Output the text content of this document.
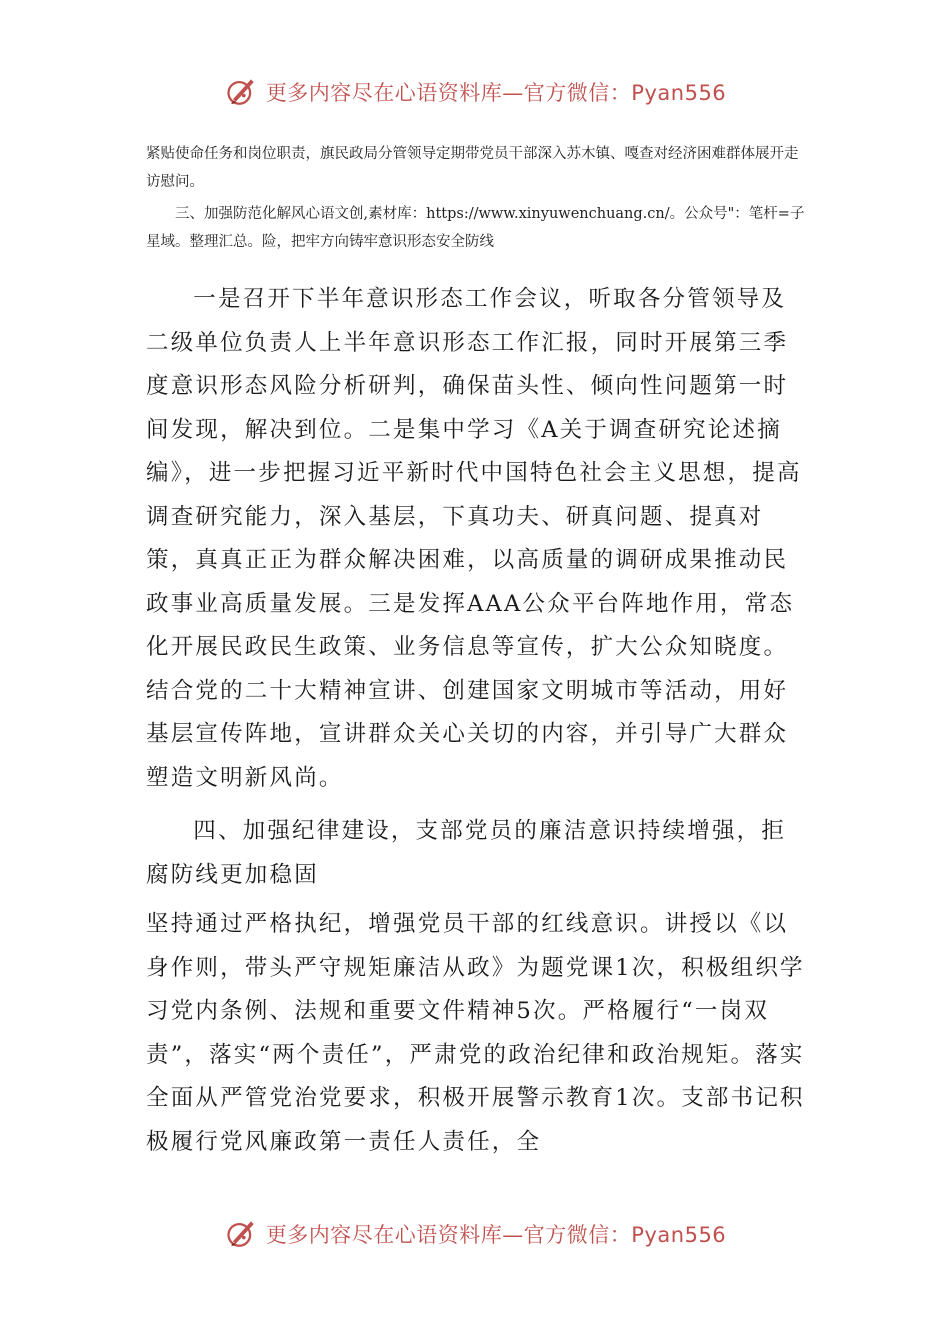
更多内容尽在心语资料库—官方微信：Pyan556

紧贴使命任务和岗位职责，旗民政局分管领导定期带党员干部深入苏木镇、嘎查对经济困难群体展开走访慰问。

三、加强防范化解风心语文创,素材库：https://www.xinyuwenchuang.cn/。公众号"：笔杆=子星域。整理汇总。险，把牢方向铸牢意识形态安全防线

一是召开下半年意识形态工作会议，听取各分管领导及二级单位负责人上半年意识形态工作汇报，同时开展第三季度意识形态风险分析研判，确保苗头性、倾向性问题第一时间发现，解决到位。二是集中学习《A关于调查研究论述摘编》，进一步把握习近平新时代中国特色社会主义思想，提高调查研究能力，深入基层，下真功夫、研真问题、提真对策，真真正正为群众解决困难，以高质量的调研成果推动民政事业高质量发展。三是发挥AAA公众平台阵地作用，常态化开展民政民生政策、业务信息等宣传，扩大公众知晓度。结合党的二十大精神宣讲、创建国家文明城市等活动，用好基层宣传阵地，宣讲群众关心关切的内容，并引导广大群众塑造文明新风尚。

四、加强纪律建设，支部党员的廉洁意识持续增强，拒腐防线更加稳固

坚持通过严格执纪，增强党员干部的红线意识。讲授以《以身作则，带头严守规矩廉洁从政》为题党课1次，积极组织学习党内条例、法规和重要文件精神5次。严格履行“一岗双责”，落实“两个责任”，严肃党的政治纪律和政治规矩。落实全面从严管党治党要求，积极开展警示教育1次。支部书记积极履行党风廉政第一责任人责任，全

更多内容尽在心语资料库—官方微信：Pyan556
